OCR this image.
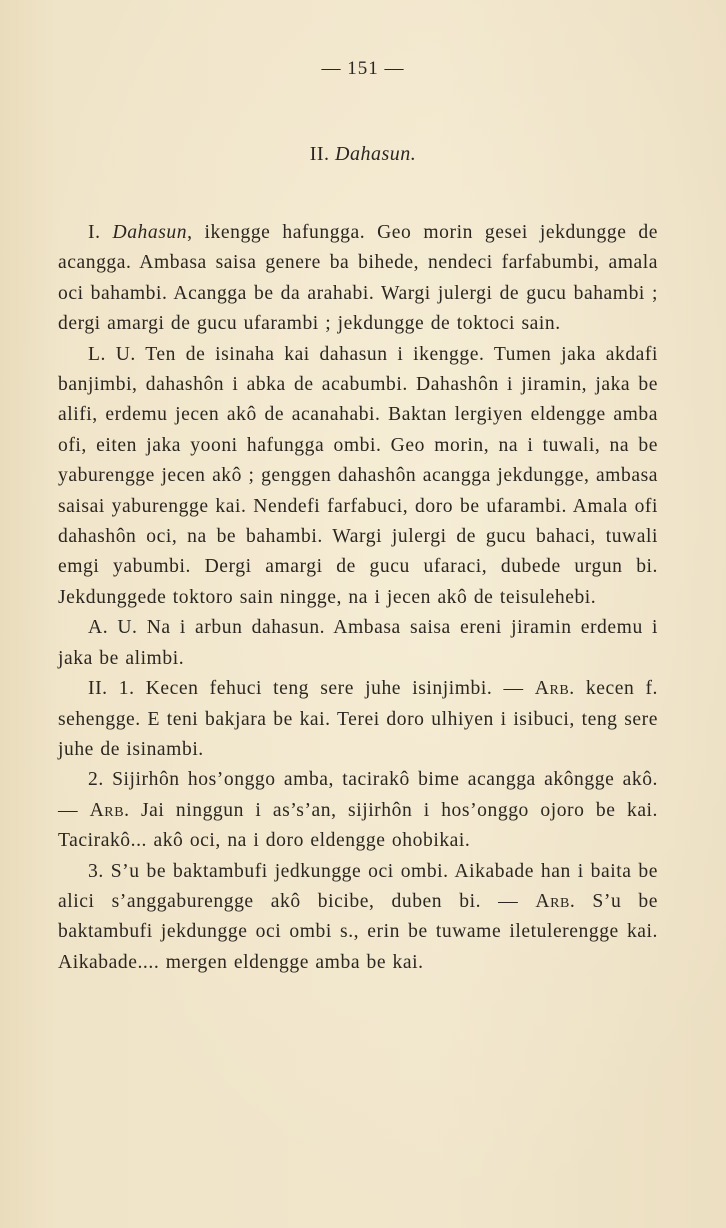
— 151 —
II. Dahasun.

I. Dahasun, ikengge hafungga. Geo morin gesei jekdungge de acangga. Ambasa saisa genere ba bihede, nendeci farfabumbi, amala oci bahambi. Acangga be da arahabi. Wargi julergi de gucu bahambi ; dergi amargi de gucu ufarambi ; jekdungge de toktoci sain.

L. U. Ten de isinaha kai dahasun i ikengge. Tumen jaka akdafi banjimbi, dahashôn i abka de acabumbi. Dahashôn i jiramin, jaka be alifi, erdemu jecen akô de acanahabi. Baktan lergiyen eldengge amba ofi, eiten jaka yooni hafungga ombi. Geo morin, na i tuwali, na be yaburengge jecen akô ; genggen dahashôn acangga jekdungge, ambasa saisai yaburengge kai. Nendefi farfabuci, doro be ufarambi. Amala ofi dahashôn oci, na be bahambi. Wargi julergi de gucu bahaci, tuwali emgi yabumbi. Dergi amargi de gucu ufaraci, dubede urgun bi. Jekdunggede toktoro sain ningge, na i jecen akô de teisulehebi.

A. U. Na i arbun dahasun. Ambasa saisa ereni jiramin erdemu i jaka be alimbi.

II. 1. Kecen fehuci teng sere juhe isinjimbi. — Arb. kecen f. sehengge. E teni bakjara be kai. Terei doro ulhiyen i isibuci, teng sere juhe de isinambi.

2. Sijirhôn hos’onggo amba, tacirakô bime acangga akôngge akô. — Arb. Jai ninggun i as’s’an, sijirhôn i hos’onggo ojoro be kai. Tacirakô... akô oci, na i doro eldengge ohobikai.

3. S’u be baktambufi jedkungge oci ombi. Aikabade han i baita be alici s’anggaburengge akô bicibe, duben bi. — Arb. S’u be baktambufi jekdungge oci ombi s., erin be tuwame iletulerengge kai. Aikabade.... mergen eldengge amba be kai.
